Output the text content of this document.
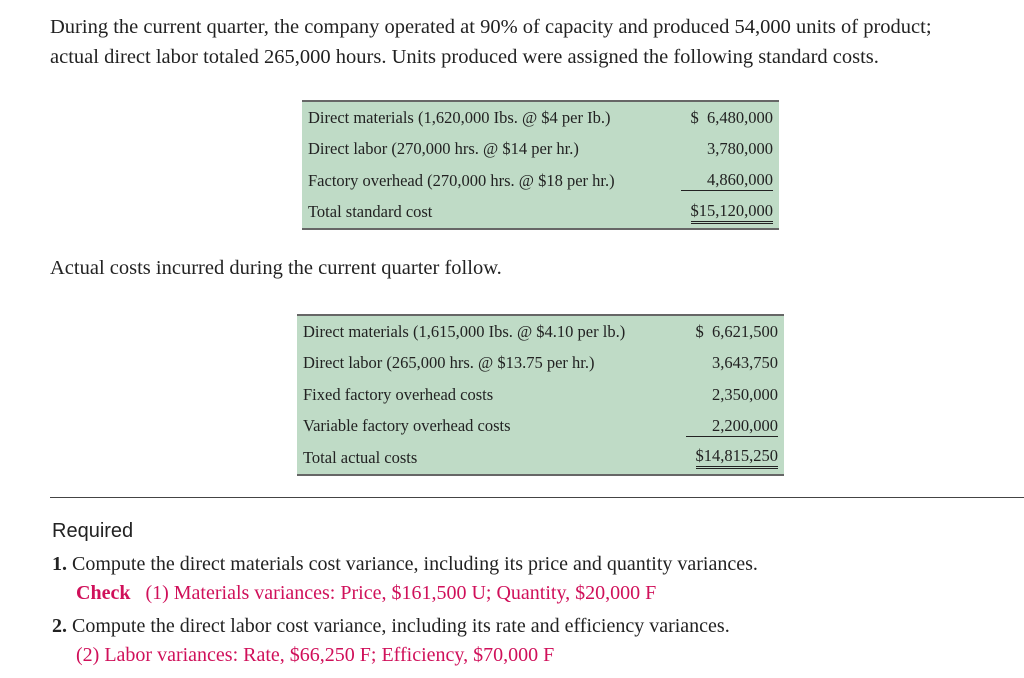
During the current quarter, the company operated at 90% of capacity and produced 54,000 units of product;
actual direct labor totaled 265,000 hours. Units produced were assigned the following standard costs.
Direct materials (1,620,000 Ibs. @ $4 per Ib.)	$  6,480,000
Direct labor (270,000 hrs. @ $14 per hr.)	3,780,000
Factory overhead (270,000 hrs. @ $18 per hr.)	4,860,000
Total standard cost	$15,120,000
Actual costs incurred during the current quarter follow.
Direct materials (1,615,000 Ibs. @ $4.10 per lb.)	$  6,621,500
Direct labor (265,000 hrs. @ $13.75 per hr.)	3,643,750
Fixed factory overhead costs	2,350,000
Variable factory overhead costs	2,200,000
Total actual costs	$14,815,250
Required
1. Compute the direct materials cost variance, including its price and quantity variances.
Check (1) Materials variances: Price, $161,500 U; Quantity, $20,000 F
2. Compute the direct labor cost variance, including its rate and efficiency variances.
(2) Labor variances: Rate, $66,250 F; Efficiency, $70,000 F
